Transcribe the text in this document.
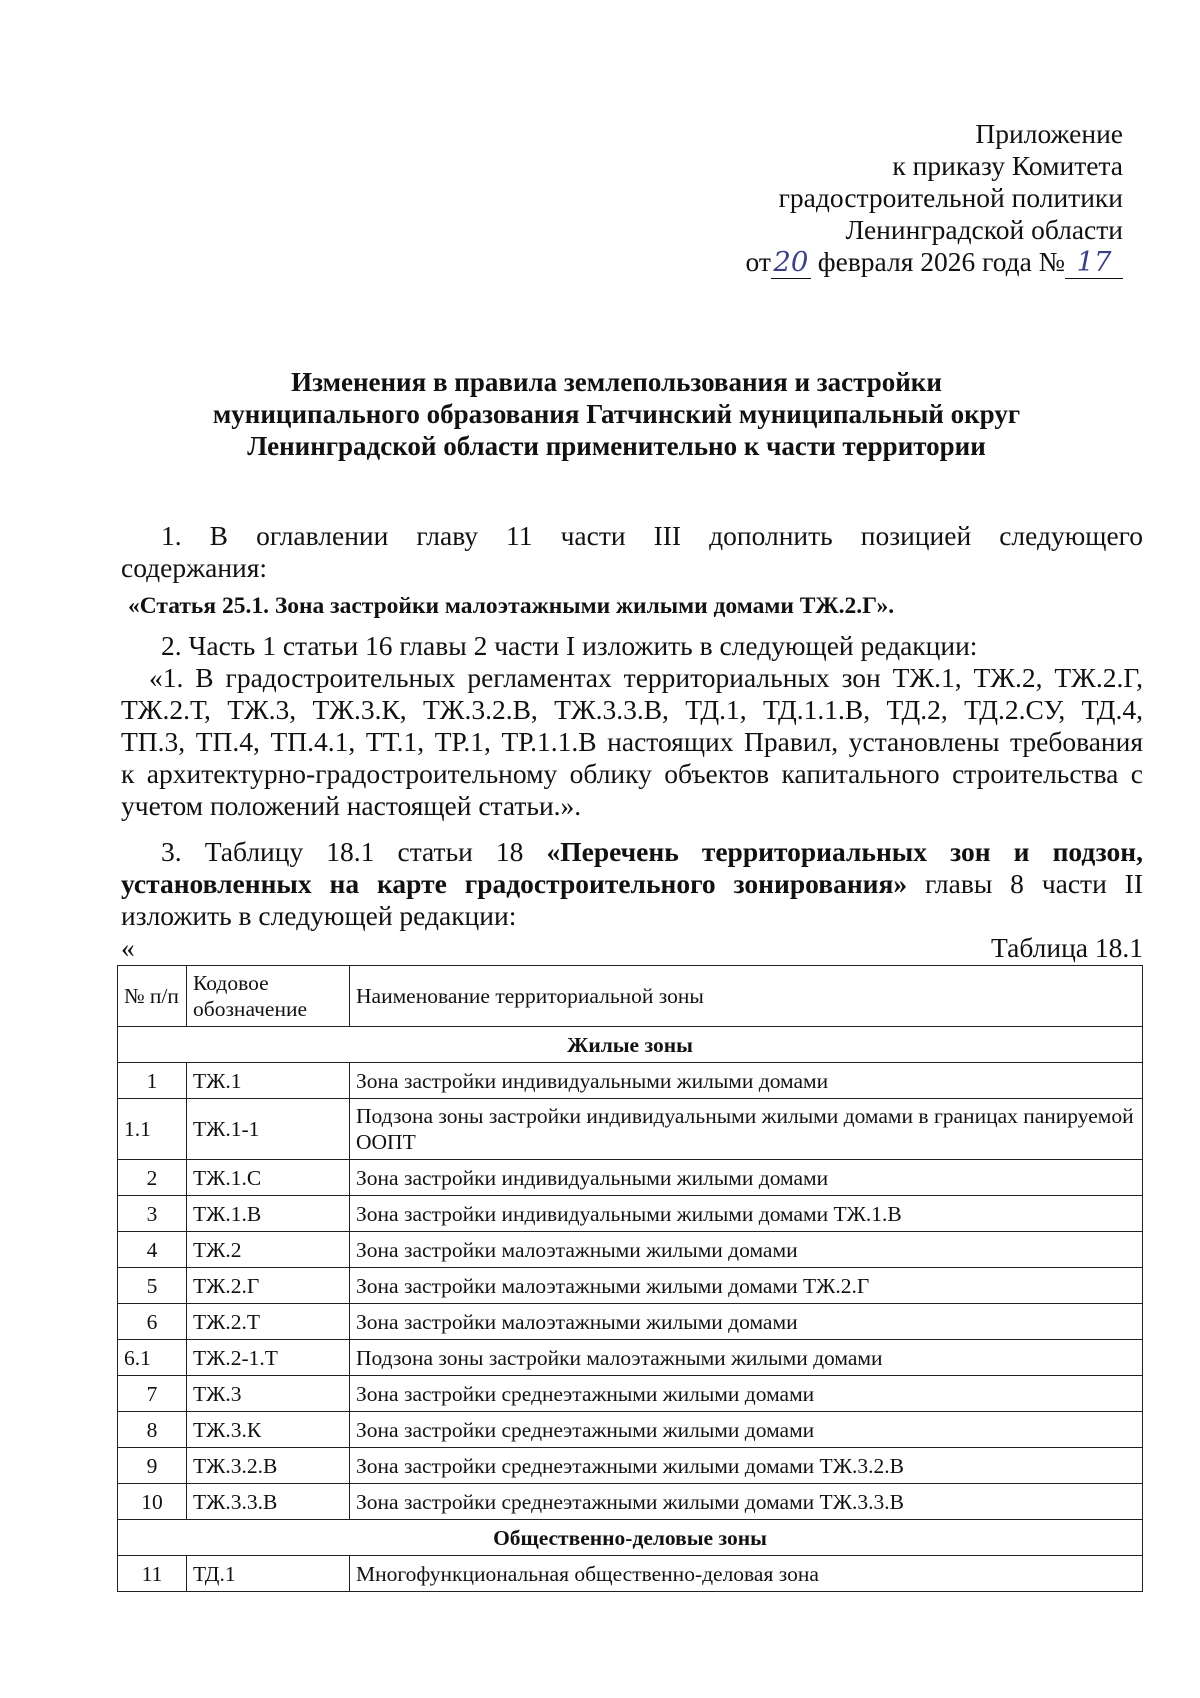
Приложение
к приказу Комитета
градостроительной политики
Ленинградской области
от20 февраля 2026 года № 17
Изменения в правила землепользования и застройки
муниципального образования Гатчинский муниципальный округ
Ленинградской области применительно к части территории
1. В оглавлении главу 11 части III дополнить позицией следующего
содержания:
«Статья 25.1. Зона застройки малоэтажными жилыми домами ТЖ.2.Г».
2. Часть 1 статьи 16 главы 2 части I изложить в следующей редакции:
«1. В градостроительных регламентах территориальных зон ТЖ.1, ТЖ.2, ТЖ.2.Г,
ТЖ.2.Т, ТЖ.3, ТЖ.3.К, ТЖ.3.2.В, ТЖ.3.3.В, ТД.1, ТД.1.1.В, ТД.2, ТД.2.СУ, ТД.4,
ТП.3, ТП.4, ТП.4.1, ТТ.1, ТР.1, ТР.1.1.В настоящих Правил, установлены требования
к архитектурно-градостроительному облику объектов капитального строительства с
учетом положений настоящей статьи.».
3. Таблицу 18.1 статьи 18 «Перечень территориальных зон и подзон,
установленных на карте градостроительного зонирования» главы 8 части II
изложить в следующей редакции:
«	Таблица 18.1
№ п/п	Кодовое обозначение	Наименование территориальной зоны
Жилые зоны		
1	ТЖ.1	Зона застройки индивидуальными жилыми домами
1.1	ТЖ.1-1	Подзона зоны застройки индивидуальными жилыми домами в границах панируемой ООПТ
2	ТЖ.1.С	Зона застройки индивидуальными жилыми домами
3	ТЖ.1.В	Зона застройки индивидуальными жилыми домами ТЖ.1.В
4	ТЖ.2	Зона застройки малоэтажными жилыми домами
5	ТЖ.2.Г	Зона застройки малоэтажными жилыми домами ТЖ.2.Г
6	ТЖ.2.Т	Зона застройки малоэтажными жилыми домами
6.1	ТЖ.2-1.Т	Подзона зоны застройки малоэтажными жилыми домами
7	ТЖ.3	Зона застройки среднеэтажными жилыми домами
8	ТЖ.3.К	Зона застройки среднеэтажными жилыми домами
9	ТЖ.3.2.В	Зона застройки среднеэтажными жилыми домами ТЖ.3.2.В
10	ТЖ.3.3.В	Зона застройки среднеэтажными жилыми домами ТЖ.3.3.В
Общественно-деловые зоны		
11	ТД.1	Многофункциональная общественно-деловая зона
